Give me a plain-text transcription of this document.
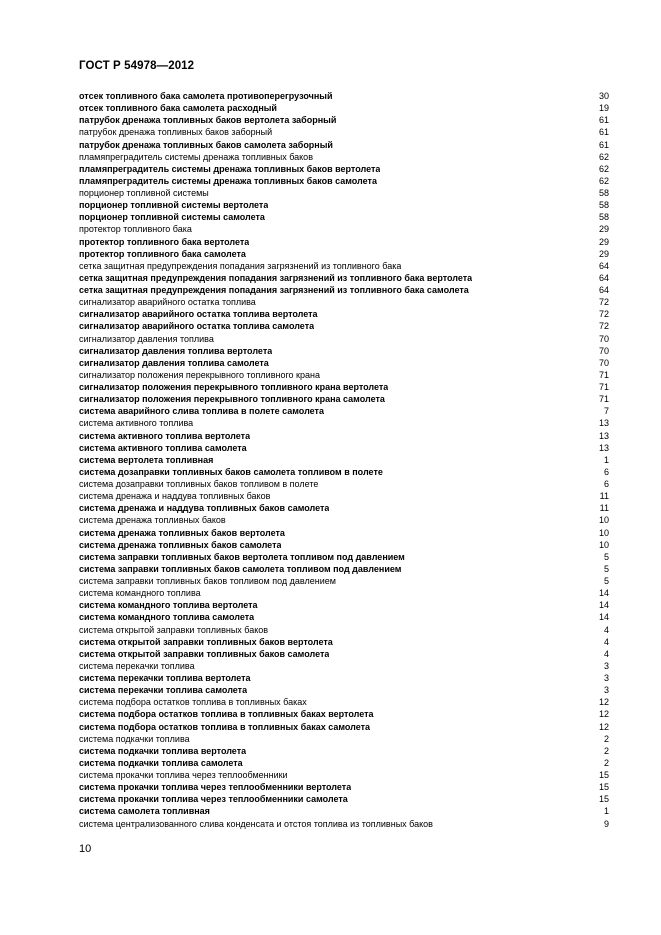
ГОСТ Р 54978—2012
отсек топливного бака самолета противоперегрузочный	30
отсек топливного бака самолета расходный	19
патрубок дренажа топливных баков вертолета заборный	61
патрубок дренажа топливных баков заборный	61
патрубок дренажа топливных баков самолета заборный	61
пламяпреградитель системы дренажа топливных баков	62
пламяпреградитель системы дренажа топливных баков вертолета	62
пламяпреградитель системы дренажа топливных баков самолета	62
порционер топливной системы	58
порционер топливной системы вертолета	58
порционер топливной системы самолета	58
протектор топливного бака	29
протектор топливного бака вертолета	29
протектор топливного бака самолета	29
сетка защитная предупреждения попадания загрязнений из топливного бака	64
сетка защитная предупреждения попадания загрязнений из топливного бака вертолета	64
сетка защитная предупреждения попадания загрязнений из топливного бака самолета	64
сигнализатор аварийного остатка топлива	72
сигнализатор аварийного остатка топлива вертолета	72
сигнализатор аварийного остатка топлива самолета	72
сигнализатор давления топлива	70
сигнализатор давления топлива вертолета	70
сигнализатор давления топлива самолета	70
сигнализатор положения перекрывного топливного крана	71
сигнализатор положения перекрывного топливного крана вертолета	71
сигнализатор положения перекрывного топливного крана самолета	71
система аварийного слива топлива в полете самолета	7
система активного топлива	13
система активного топлива вертолета	13
система активного топлива самолета	13
система вертолета топливная	1
система дозаправки топливных баков самолета топливом в полете	6
система дозаправки топливных баков топливом в полете	6
система дренажа и наддува топливных баков	11
система дренажа и наддува топливных баков самолета	11
система дренажа топливных баков	10
система дренажа топливных баков вертолета	10
система дренажа топливных баков самолета	10
система заправки топливных баков вертолета топливом под давлением	5
система заправки топливных баков самолета топливом под давлением	5
система заправки топливных баков топливом под давлением	5
система командного топлива	14
система командного топлива вертолета	14
система командного топлива самолета	14
система открытой заправки топливных баков	4
система открытой заправки топливных баков вертолета	4
система открытой заправки топливных баков самолета	4
система перекачки топлива	3
система перекачки топлива вертолета	3
система перекачки топлива самолета	3
система подбора остатков топлива в топливных баках	12
система подбора остатков топлива в топливных баках вертолета	12
система подбора остатков топлива в топливных баках самолета	12
система подкачки топлива	2
система подкачки топлива вертолета	2
система подкачки топлива самолета	2
система прокачки топлива через теплообменники	15
система прокачки топлива через теплообменники вертолета	15
система прокачки топлива через теплообменники самолета	15
система самолета топливная	1
система централизованного слива конденсата и отстоя топлива из топливных баков	9
10
